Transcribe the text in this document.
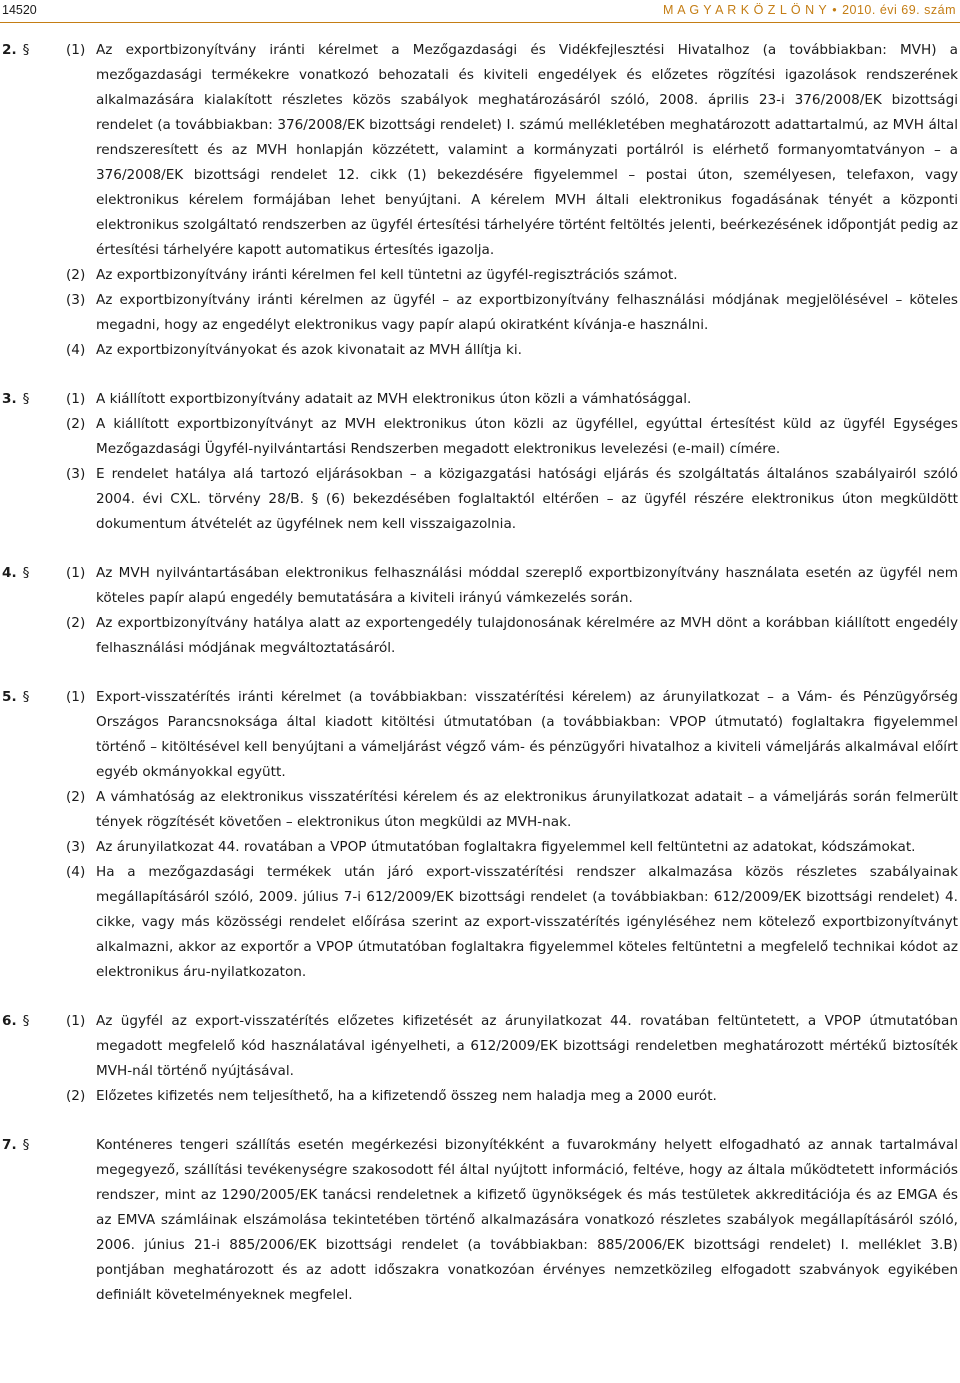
14520	M A G Y A R K Ö Z L Ö N Y • 2010. évi 69. szám
2. §	(1) Az exportbizonyítvány iránti kérelmet a Mezőgazdasági és Vidékfejlesztési Hivatalhoz (a továbbiakban: MVH) a mezőgazdasági termékekre vonatkozó behozatali és kiviteli engedélyek és előzetes rögzítési igazolások rendszerének alkalmazására kialakított részletes közös szabályok meghatározásáról szóló, 2008. április 23-i 376/2008/EK bizottsági rendelet (a továbbiakban: 376/2008/EK bizottsági rendelet) I. számú mellékletében meghatározott adattartalmú, az MVH által rendszeresített és az MVH honlapján közzétett, valamint a kormányzati portálról is elérhető formanyomtatványon – a 376/2008/EK bizottsági rendelet 12. cikk (1) bekezdésére figyelemmel – postai úton, személyesen, telefaxon, vagy elektronikus kérelem formájában lehet benyújtani. A kérelem MVH általi elektronikus fogadásának tényét a központi elektronikus szolgáltató rendszerben az ügyfél értesítési tárhelyére történt feltöltés jelenti, beérkezésének időpontját pedig az értesítési tárhelyére kapott automatikus értesítés igazolja.
(2) Az exportbizonyítvány iránti kérelmen fel kell tüntetni az ügyfél-regisztrációs számot.
(3) Az exportbizonyítvány iránti kérelmen az ügyfél – az exportbizonyítvány felhasználási módjának megjelölésével – köteles megadni, hogy az engedélyt elektronikus vagy papír alapú okiratként kívánja-e használni.
(4) Az exportbizonyítványokat és azok kivonatait az MVH állítja ki.
3. §	(1) A kiállított exportbizonyítvány adatait az MVH elektronikus úton közli a vámhatósággal.
(2) A kiállított exportbizonyítványt az MVH elektronikus úton közli az ügyféllel, egyúttal értesítést küld az ügyfél Egységes Mezőgazdasági Ügyfél-nyilvántartási Rendszerben megadott elektronikus levelezési (e-mail) címére.
(3) E rendelet hatálya alá tartozó eljárásokban – a közigazgatási hatósági eljárás és szolgáltatás általános szabályairól szóló 2004. évi CXL. törvény 28/B. § (6) bekezdésében foglaltaktól eltérően – az ügyfél részére elektronikus úton megküldött dokumentum átvételét az ügyfélnek nem kell visszaigazolnia.
4. §	(1) Az MVH nyilvántartásában elektronikus felhasználási móddal szereplő exportbizonyítvány használata esetén az ügyfél nem köteles papír alapú engedély bemutatására a kiviteli irányú vámkezelés során.
(2) Az exportbizonyítvány hatálya alatt az exportengedély tulajdonosának kérelmére az MVH dönt a korábban kiállított engedély felhasználási módjának megváltoztatásáról.
5. §	(1) Export-visszatérítés iránti kérelmet (a továbbiakban: visszatérítési kérelem) az árunyilatkozat – a Vám- és Pénzügyőrség Országos Parancsnoksága által kiadott kitöltési útmutatóban (a továbbiakban: VPOP útmutató) foglaltakra figyelemmel történő – kitöltésével kell benyújtani a vámeljárást végző vám- és pénzügyőri hivatalhoz a kiviteli vámeljárás alkalmával előírt egyéb okmányokkal együtt.
(2) A vámhatóság az elektronikus visszatérítési kérelem és az elektronikus árunyilatkozat adatait – a vámeljárás során felmerült tények rögzítését követően – elektronikus úton megküldi az MVH-nak.
(3) Az árunyilatkozat 44. rovatában a VPOP útmutatóban foglaltakra figyelemmel kell feltüntetni az adatokat, kódszámokat.
(4) Ha a mezőgazdasági termékek után járó export-visszatérítési rendszer alkalmazása közös részletes szabályainak megállapításáról szóló, 2009. július 7-i 612/2009/EK bizottsági rendelet (a továbbiakban: 612/2009/EK bizottsági rendelet) 4. cikke, vagy más közösségi rendelet előírása szerint az export-visszatérítés igényléséhez nem kötelező exportbizonyítványt alkalmazni, akkor az exportőr a VPOP útmutatóban foglaltakra figyelemmel köteles feltüntetni a megfelelő technikai kódot az elektronikus áru-nyilatkozaton.
6. §	(1) Az ügyfél az export-visszatérítés előzetes kifizetését az árunyilatkozat 44. rovatában feltüntetett, a VPOP útmutatóban megadott megfelelő kód használatával igényelheti, a 612/2009/EK bizottsági rendeletben meghatározott mértékű biztosíték MVH-nál történő nyújtásával.
(2) Előzetes kifizetés nem teljesíthető, ha a kifizetendő összeg nem haladja meg a 2000 eurót.
7. §	Konténeres tengeri szállítás esetén megérkezési bizonyítékként a fuvarokmány helyett elfogadható az annak tartalmával megegyező, szállítási tevékenységre szakosodott fél által nyújtott információ, feltéve, hogy az általa működtetett információs rendszer, mint az 1290/2005/EK tanácsi rendeletnek a kifizető ügynökségek és más testületek akkreditációja és az EMGA és az EMVA számláinak elszámolása tekintetében történő alkalmazására vonatkozó részletes szabályok megállapításáról szóló, 2006. június 21-i 885/2006/EK bizottsági rendelet (a továbbiakban: 885/2006/EK bizottsági rendelet) I. melléklet 3.B) pontjában meghatározott és az adott időszakra vonatkozóan érvényes nemzetközileg elfogadott szabványok egyikében definiált követelményeknek megfelel.
